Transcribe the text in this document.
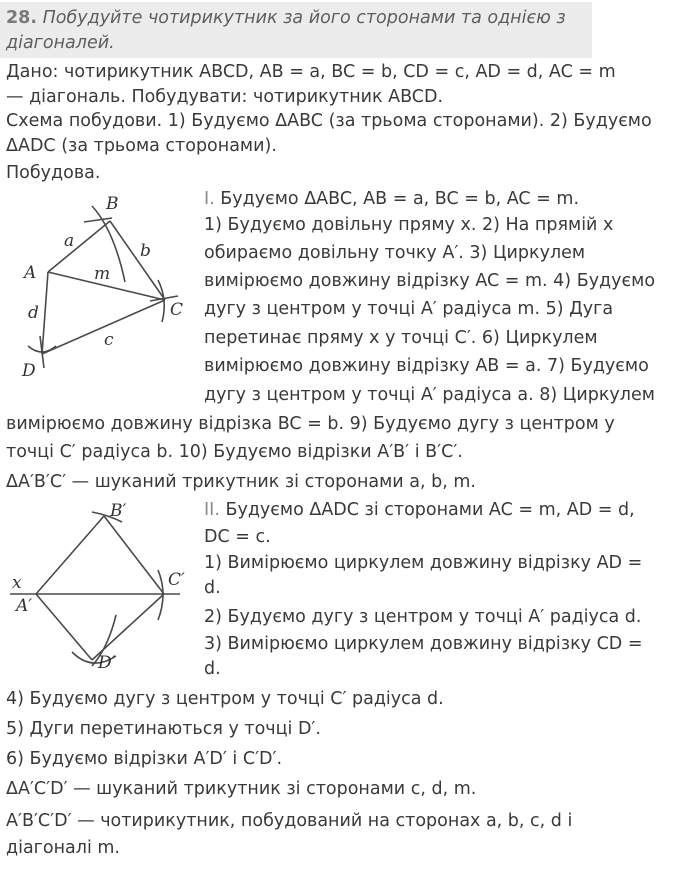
28. Побудуйте чотирикутник за його сторонами та однією з
діагоналей.
Дано: чотирикутник ABCD, AB = a, BC = b, CD = c, AD = d, AC = m
— діагональ. Побудувати: чотирикутник ABCD.
Схема побудови. 1) Будуємо ΔABC (за трьома сторонами). 2) Будуємо
ΔADC (за трьома сторонами).
Побудова.
I. Будуємо ΔABC, AB = a, BC = b, AC = m.
1) Будуємо довільну пряму x. 2) На прямій x
обираємо довільну точку A′. 3) Циркулем
вимірюємо довжину відрізку AC = m. 4) Будуємо
дугу з центром у точці A′ радіуса m. 5) Дуга
перетинає пряму x у точці C′. 6) Циркулем
вимірюємо довжину відрізку AB = a. 7) Будуємо
дугу з центром у точці A′ радіуса a. 8) Циркулем
вимірюємо довжину відрізка BC = b. 9) Будуємо дугу з центром у
точці C′ радіуса b. 10) Будуємо відрізки A′B′ і B′C′.
ΔA′B′C′ — шуканий трикутник зі сторонами a, b, m.
II. Будуємо ΔADC зі сторонами AC = m, AD = d,
DC = c.
1) Вимірюємо циркулем довжину відрізку AD =
d.
2) Будуємо дугу з центром у точці A′ радіуса d.
3) Вимірюємо циркулем довжину відрізку CD =
d.
4) Будуємо дугу з центром у точці C′ радіуса d.
5) Дуги перетинаються у точці D′.
6) Будуємо відрізки A′D′ і C′D′.
ΔA′C′D′ — шуканий трикутник зі сторонами c, d, m.
A′B′C′D′ — чотирикутник, побудований на сторонах a, b, c, d і
діагоналі m.
B
A
C
D
a	b
c
d
m
x
A′
B′
C′
D′
